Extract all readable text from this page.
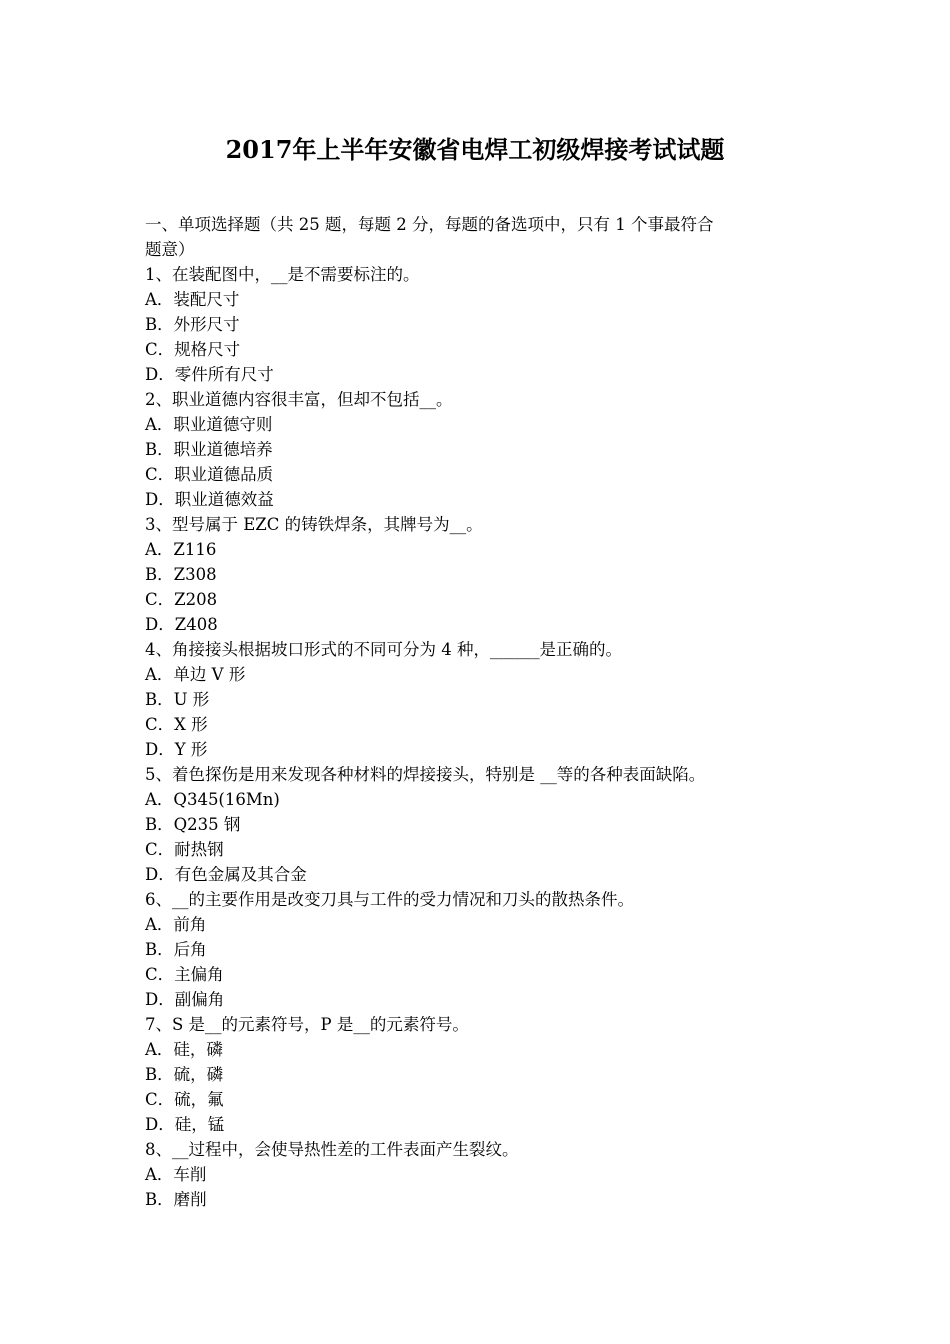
2017年上半年安徽省电焊工初级焊接考试试题
一、单项选择题（共 25 题，每题 2 分，每题的备选项中，只有 1 个事最符合
题意）
1、在装配图中，__是不需要标注的。
A．装配尺寸
B．外形尺寸
C．规格尺寸
D．零件所有尺寸
2、职业道德内容很丰富，但却不包括__。
A．职业道德守则
B．职业道德培养
C．职业道德品质
D．职业道德效益
3、型号属于 EZC 的铸铁焊条，其牌号为__。
A．Z116
B．Z308
C．Z208
D．Z408
4、角接接头根据坡口形式的不同可分为 4 种，______是正确的。
A．单边 V 形
B．U 形
C．X 形
D．Y 形
5、着色探伤是用来发现各种材料的焊接接头，特别是 __等的各种表面缺陷。
A．Q345(16Mn)
B．Q235 钢
C．耐热钢
D．有色金属及其合金
6、__的主要作用是改变刀具与工件的受力情况和刀头的散热条件。
A．前角
B．后角
C．主偏角
D．副偏角
7、S 是__的元素符号，P 是__的元素符号。
A．硅，磷
B．硫，磷
C．硫，氟
D．硅，锰
8、__过程中，会使导热性差的工件表面产生裂纹。
A．车削
B．磨削
